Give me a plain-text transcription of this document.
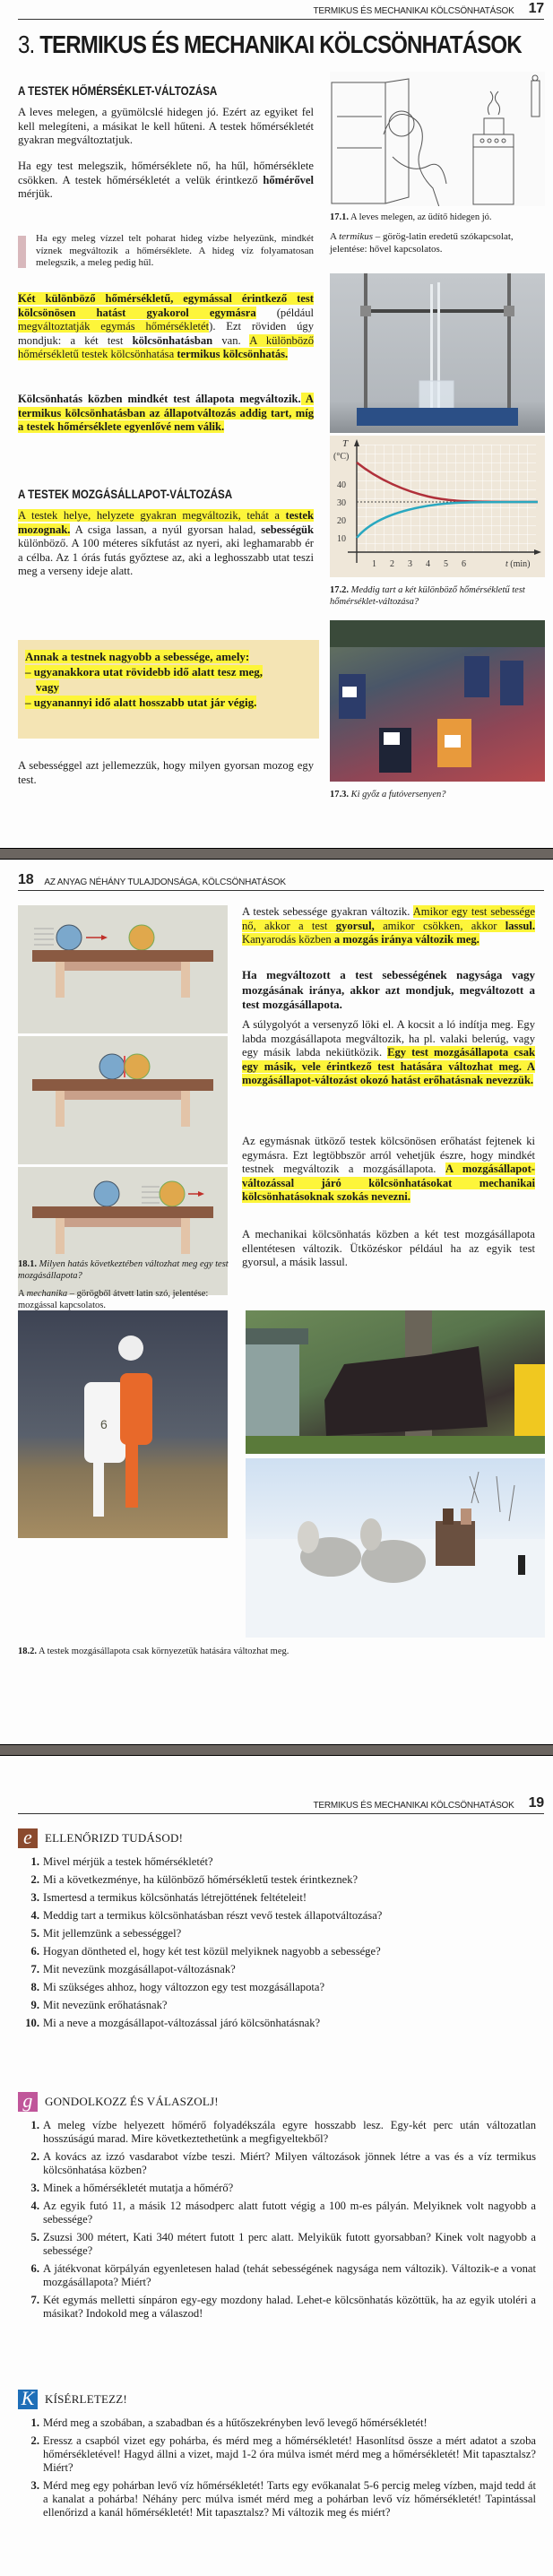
TERMIKUS ÉS MECHANIKAI KÖLCSÖNHATÁSOK 17
3. TERMIKUS ÉS MECHANIKAI KÖLCSÖNHATÁSOK
A TESTEK HŐMÉRSÉKLET-VÁLTOZÁSA

A leves melegen, a gyümölcslé hidegen jó. Ezért az egyiket fel kell melegíteni, a másikat le kell hűteni. A testek hőmérsékletét gyakran megváltoztatjuk.

Ha egy test melegszik, hőmérséklete nő, ha hűl, hőmérséklete csökken. A testek hőmérsékletét a velük érintkező hőmérővel mérjük.

Ha egy meleg vízzel telt poharat hideg vízbe helyezünk, mindkét víznek megváltozik a hőmérséklete. A hideg víz folyamatosan melegszik, a meleg pedig hűl.

Két különböző hőmérsékletű, egymással érintkező test kölcsönösen hatást gyakorol egymásra (például megváltoztatják egymás hőmérsékletét). Ezt röviden úgy mondjuk: a két test kölcsönhatásban van. A különböző hőmérsékletű testek kölcsönhatása termikus kölcsönhatás.

Kölcsönhatás közben mindkét test állapota megváltozik. A termikus kölcsönhatásban az állapotváltozás addig tart, míg a testek hőmérséklete egyenlővé nem válik.

A TESTEK MOZGÁSÁLLAPOT-VÁLTOZÁSA

A testek helye, helyzete gyakran megváltozik, tehát a testek mozognak. A csiga lassan, a nyúl gyorsan halad, sebességük különböző. A 100 méteres síkfutást az nyeri, aki leghamarabb ér a célba. Az 1 órás futás győztese az, aki a leghosszabb utat teszi meg a verseny ideje alatt.

Annak a testnek nagyobb a sebessége, amely:
– ugyanakkora utat rövidebb idő alatt tesz meg,
vagy
– ugyanannyi idő alatt hosszabb utat jár végig.

A sebességgel azt jellemezzük, hogy milyen gyorsan mozog egy test.

17.1. A leves melegen, az üdítő hidegen jó.
A termikus – görög-latin eredetű szókapcsolat, jelentése: hővel kapcsolatos.
T
(°C)
40
30
20
10
1 2 3 4 5 6	t (min)
17.2. Meddig tart a két különböző hőmérsékletű test hőmérséklet-változása?
17.3. Ki győz a futóversenyen?
18 AZ ANYAG NÉHÁNY TULAJDONSÁGA, KÖLCSÖNHATÁSOK
18.1. Milyen hatás következtében változhat meg egy test mozgásállapota?
A mechanika – görögből átvett latin szó, jelentése: mozgással kapcsolatos.

A testek sebessége gyakran változik. Amikor egy test sebessége nő, akkor a test gyorsul, amikor csökken, akkor lassul. Kanyarodás közben a mozgás iránya változik meg.

Ha megváltozott a test sebességének nagysága vagy mozgásának iránya, akkor azt mondjuk, megváltozott a test mozgásállapota.

A súlygolyót a versenyző löki el. A kocsit a ló indítja meg. Egy labda mozgásállapota megváltozik, ha pl. valaki belerúg, vagy egy másik labda nekiütközik. Egy test mozgásállapota csak egy másik, vele érintkező test hatására változhat meg. A mozgásállapot-változást okozó hatást erőhatásnak nevezzük.

Az egymásnak ütköző testek kölcsönösen erőhatást fejtenek ki egymásra. Ezt legtöbbször arról vehetjük észre, hogy mindkét testnek megváltozik a mozgásállapota. A mozgásállapot-változással járó kölcsönhatásokat mechanikai kölcsönhatásoknak szokás nevezni.

A mechanikai kölcsönhatás közben a két test mozgásállapota ellentétesen változik. Ütközéskor például ha az egyik test gyorsul, a másik lassul.

6
18.2. A testek mozgásállapota csak környezetük hatására változhat meg.
TERMIKUS ÉS MECHANIKAI KÖLCSÖNHATÁSOK 19
e	ELLENŐRIZD TUDÁSOD!
1. Mivel mérjük a testek hőmérsékletét?
2. Mi a következménye, ha különböző hőmérsékletű testek érintkeznek?
3. Ismertesd a termikus kölcsönhatás létrejöttének feltételeit!
4. Meddig tart a termikus kölcsönhatásban részt vevő testek állapotváltozása?
5. Mit jellemzünk a sebességgel?
6. Hogyan döntheted el, hogy két test közül melyiknek nagyobb a sebessége?
7. Mit nevezünk mozgásállapot-változásnak?
8. Mi szükséges ahhoz, hogy változzon egy test mozgásállapota?
9. Mit nevezünk erőhatásnak?
10. Mi a neve a mozgásállapot-változással járó kölcsönhatásnak?
g	GONDOLKOZZ ÉS VÁLASZOLJ!
1. A meleg vízbe helyezett hőmérő folyadékszála egyre hosszabb lesz. Egy-két perc után változatlan hosszúságú marad. Mire következtethetünk a megfigyeltekből?
2. A kovács az izzó vasdarabot vízbe teszi. Miért? Milyen változások jönnek létre a vas és a víz termikus kölcsönhatása közben?
3. Minek a hőmérsékletét mutatja a hőmérő?
4. Az egyik futó 11, a másik 12 másodperc alatt futott végig a 100 m-es pályán. Melyiknek volt nagyobb a sebessége?
5. Zsuzsi 300 métert, Kati 340 métert futott 1 perc alatt. Melyikük futott gyorsabban? Kinek volt nagyobb a sebessége?
6. A játékvonat körpályán egyenletesen halad (tehát sebességének nagysága nem változik). Változik-e a vonat mozgásállapota? Miért?
7. Két egymás melletti sínpáron egy-egy mozdony halad. Lehet-e kölcsönhatás közöttük, ha az egyik utoléri a másikat? Indokold meg a válaszod!
K KÍSÉRLETEZZ!
1. Mérd meg a szobában, a szabadban és a hűtőszekrényben levő levegő hőmérsékletét!
2. Eressz a csapból vizet egy pohárba, és mérd meg a hőmérsékletét! Hasonlítsd össze a mért adatot a szoba hőmérsékletével! Hagyd állni a vizet, majd 1-2 óra múlva ismét mérd meg a hőmérsékletét! Mit tapasztalsz? Miért?
3. Mérd meg egy pohárban levő víz hőmérsékletét! Tarts egy evőkanalat 5-6 percig meleg vízben, majd tedd át a kanalat a pohárba! Néhány perc múlva ismét mérd meg a pohárban levő víz hőmérsékletét! Tapintással ellenőrizd a kanál hőmérsékletét! Mit tapasztalsz? Mi változik meg és miért?
